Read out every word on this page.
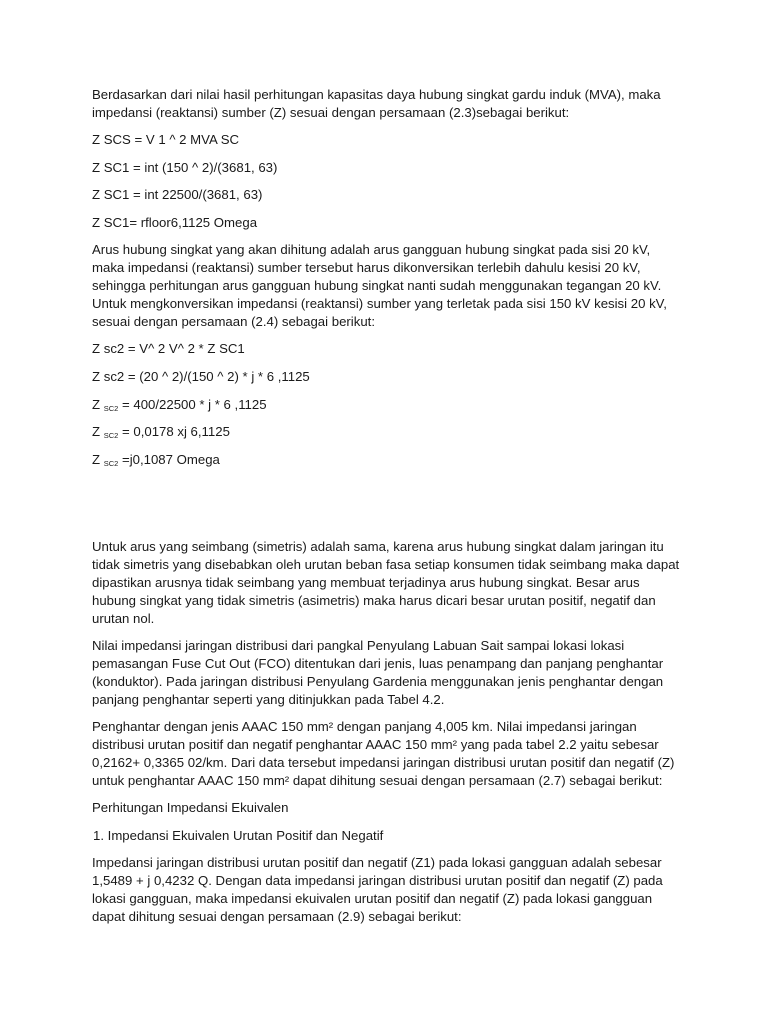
Berdasarkan dari nilai hasil perhitungan kapasitas daya hubung singkat gardu induk (MVA), maka impedansi (reaktansi) sumber (Z) sesuai dengan persamaan (2.3)sebagai berikut:

Z SCS = V 1 ^ 2 MVA SC
Z SC1 = int (150 ^ 2)/(3681, 63)
Z SC1 = int 22500/(3681, 63)
Z SC1= rfloor6,1125 Omega

Arus hubung singkat yang akan dihitung adalah arus gangguan hubung singkat pada sisi 20 kV, maka impedansi (reaktansi) sumber tersebut harus dikonversikan terlebih dahulu kesisi 20 kV, sehingga perhitungan arus gangguan hubung singkat nanti sudah menggunakan tegangan 20 kV. Untuk mengkonversikan impedansi (reaktansi) sumber yang terletak pada sisi 150 kV kesisi 20 kV, sesuai dengan persamaan (2.4) sebagai berikut:

Z sc2 = V^ 2 V^ 2 * Z SC1
Z sc2 = (20 ^ 2)/(150 ^ 2) * j * 6 ,1125
Z $_{SC2}$ = 400/22500 * j * 6 ,1125
Z $_{SC2}$ = 0,0178 xj 6,1125
Z $_{SC2}$ =j0,1087 Omega

Untuk arus yang seimbang (simetris) adalah sama, karena arus hubung singkat dalam jaringan itu tidak simetris yang disebabkan oleh urutan beban fasa setiap konsumen tidak seimbang maka dapat dipastikan arusnya tidak seimbang yang membuat terjadinya arus hubung singkat. Besar arus hubung singkat yang tidak simetris (asimetris) maka harus dicari besar urutan positif, negatif dan urutan nol.

Nilai impedansi jaringan distribusi dari pangkal Penyulang Labuan Sait sampai lokasi lokasi pemasangan Fuse Cut Out (FCO) ditentukan dari jenis, luas penampang dan panjang penghantar (konduktor). Pada jaringan distribusi Penyulang Gardenia menggunakan jenis penghantar dengan panjang penghantar seperti yang ditinjukkan pada Tabel 4.2.

Penghantar dengan jenis AAAC 150 mm² dengan panjang 4,005 km. Nilai impedansi jaringan distribusi urutan positif dan negatif penghantar AAAC 150 mm² yang pada tabel 2.2 yaitu sebesar 0,2162+ 0,3365 02/km. Dari data tersebut impedansi jaringan distribusi urutan positif dan negatif (Z) untuk penghantar AAAC 150 mm² dapat dihitung sesuai dengan persamaan (2.7) sebagai berikut:

Perhitungan Impedansi Ekuivalen

1. Impedansi Ekuivalen Urutan Positif dan Negatif

Impedansi jaringan distribusi urutan positif dan negatif (Z1) pada lokasi gangguan adalah sebesar 1,5489 + j 0,4232 Q. Dengan data impedansi jaringan distribusi urutan positif dan negatif (Z) pada lokasi gangguan, maka impedansi ekuivalen urutan positif dan negatif (Z) pada lokasi gangguan dapat dihitung sesuai dengan persamaan (2.9) sebagai berikut:
